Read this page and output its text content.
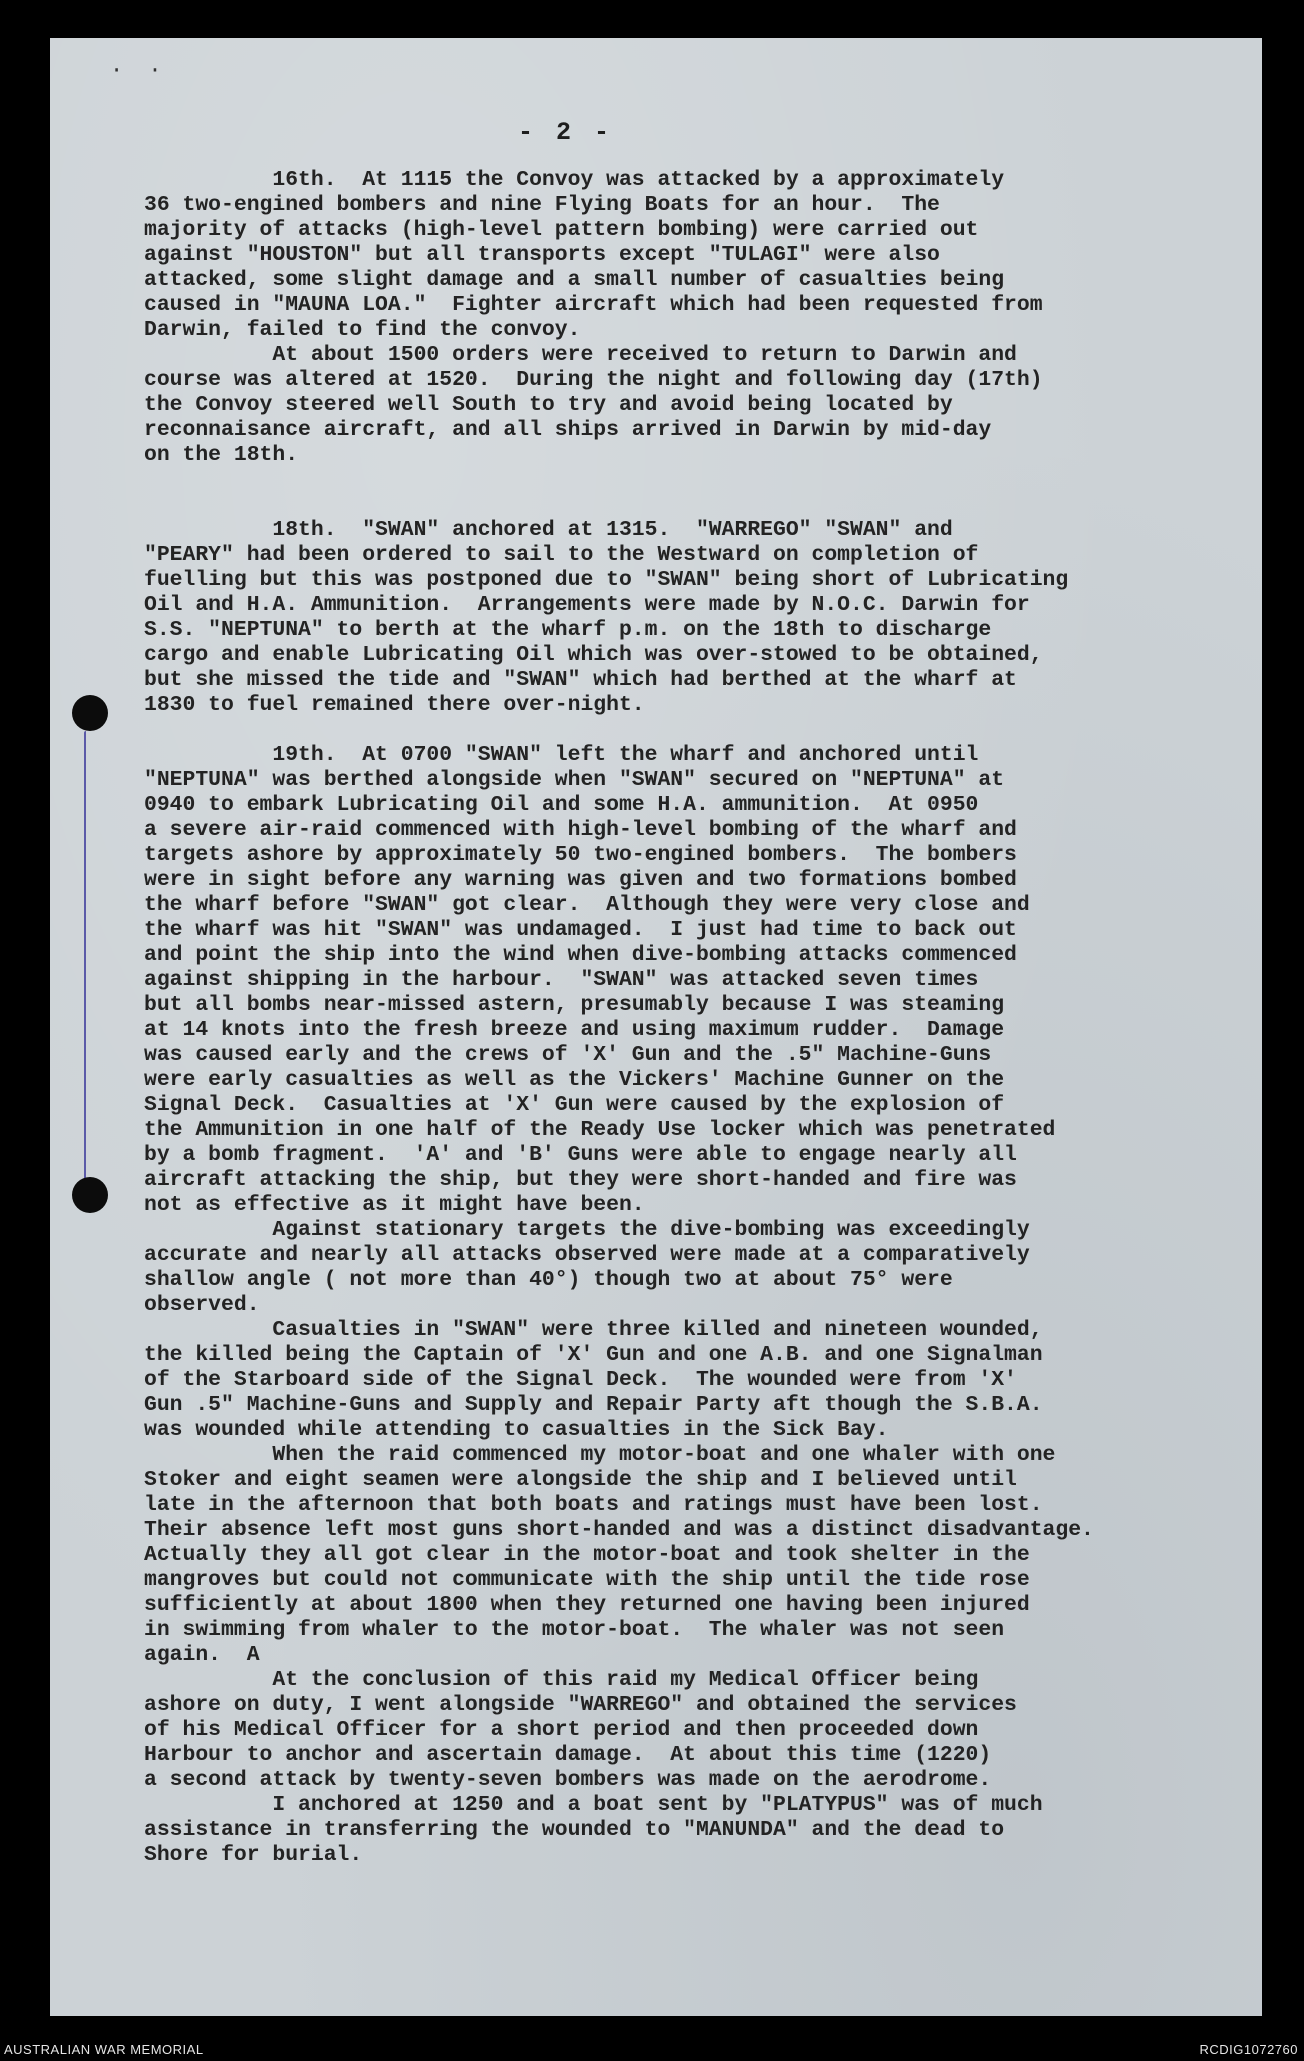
· ·
- 2 -

16th.  At 1115 the Convoy was attacked by a approximately

36 two-engined bombers and nine Flying Boats for an hour.  The

majority of attacks (high-level pattern bombing) were carried out

against "HOUSTON" but all transports except "TULAGI" were also

attacked, some slight damage and a small number of casualties being

caused in "MAUNA LOA."  Fighter aircraft which had been requested from

Darwin, failed to find the convoy.

At about 1500 orders were received to return to Darwin and

course was altered at 1520.  During the night and following day (17th)

the Convoy steered well South to try and avoid being located by

reconnaisance aircraft, and all ships arrived in Darwin by mid-day

on the 18th.

18th.  "SWAN" anchored at 1315.  "WARREGO" "SWAN" and

"PEARY" had been ordered to sail to the Westward on completion of

fuelling but this was postponed due to "SWAN" being short of Lubricating

Oil and H.A. Ammunition.  Arrangements were made by N.O.C. Darwin for

S.S. "NEPTUNA" to berth at the wharf p.m. on the 18th to discharge

cargo and enable Lubricating Oil which was over-stowed to be obtained,

but she missed the tide and "SWAN" which had berthed at the wharf at

1830 to fuel remained there over-night.

19th.  At 0700 "SWAN" left the wharf and anchored until

"NEPTUNA" was berthed alongside when "SWAN" secured on "NEPTUNA" at

0940 to embark Lubricating Oil and some H.A. ammunition.  At 0950

a severe air-raid commenced with high-level bombing of the wharf and

targets ashore by approximately 50 two-engined bombers.  The bombers

were in sight before any warning was given and two formations bombed

the wharf before "SWAN" got clear.  Although they were very close and

the wharf was hit "SWAN" was undamaged.  I just had time to back out

and point the ship into the wind when dive-bombing attacks commenced

against shipping in the harbour.  "SWAN" was attacked seven times

but all bombs near-missed astern, presumably because I was steaming

at 14 knots into the fresh breeze and using maximum rudder.  Damage

was caused early and the crews of 'X' Gun and the .5" Machine-Guns

were early casualties as well as the Vickers' Machine Gunner on the

Signal Deck.  Casualties at 'X' Gun were caused by the explosion of

the Ammunition in one half of the Ready Use locker which was penetrated

by a bomb fragment.  'A' and 'B' Guns were able to engage nearly all

aircraft attacking the ship, but they were short-handed and fire was

not as effective as it might have been.

Against stationary targets the dive-bombing was exceedingly

accurate and nearly all attacks observed were made at a comparatively

shallow angle ( not more than 40°) though two at about 75° were

observed.

Casualties in "SWAN" were three killed and nineteen wounded,

the killed being the Captain of 'X' Gun and one A.B. and one Signalman

of the Starboard side of the Signal Deck.  The wounded were from 'X'

Gun .5" Machine-Guns and Supply and Repair Party aft though the S.B.A.

was wounded while attending to casualties in the Sick Bay.

When the raid commenced my motor-boat and one whaler with one

Stoker and eight seamen were alongside the ship and I believed until

late in the afternoon that both boats and ratings must have been lost.

Their absence left most guns short-handed and was a distinct disadvantage.

Actually they all got clear in the motor-boat and took shelter in the

mangroves but could not communicate with the ship until the tide rose

sufficiently at about 1800 when they returned one having been injured

in swimming from whaler to the motor-boat.  The whaler was not seen

again.  A

At the conclusion of this raid my Medical Officer being

ashore on duty, I went alongside "WARREGO" and obtained the services

of his Medical Officer for a short period and then proceeded down

Harbour to anchor and ascertain damage.  At about this time (1220)

a second attack by twenty-seven bombers was made on the aerodrome.

I anchored at 1250 and a boat sent by "PLATYPUS" was of much

assistance in transferring the wounded to "MANUNDA" and the dead to

Shore for burial.

AUSTRALIAN WAR MEMORIAL	RCDIG1072760
